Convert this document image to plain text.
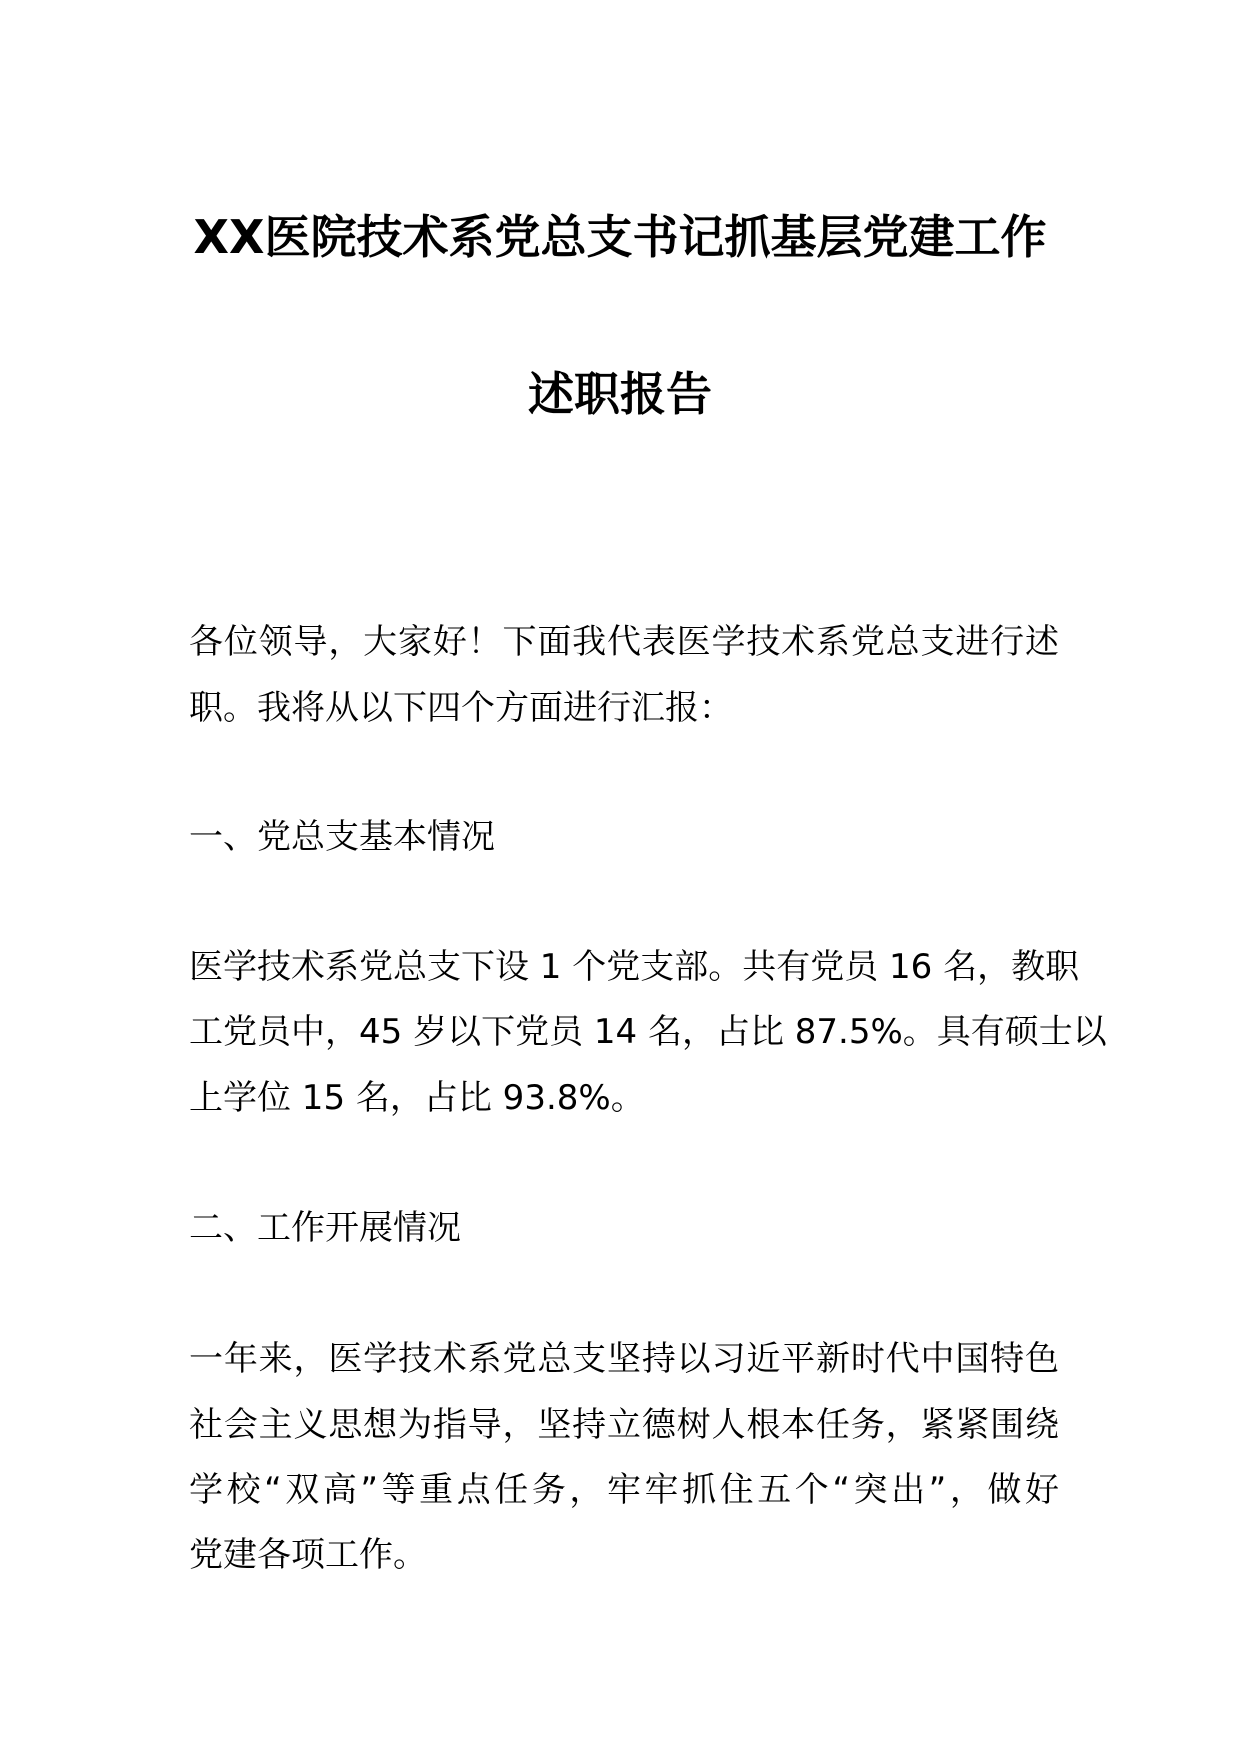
XX医院技术系党总支书记抓基层党建工作
述职报告
各位领导，大家好！下面我代表医学技术系党总支进行述
职。我将从以下四个方面进行汇报：
一、党总支基本情况
医学技术系党总支下设 1 个党支部。共有党员 16 名，教职
工党员中，45 岁以下党员 14 名，占比 87.5%。具有硕士以
上学位 15 名，占比 93.8%。
二、工作开展情况
一年来，医学技术系党总支坚持以习近平新时代中国特色
社会主义思想为指导，坚持立德树人根本任务，紧紧围绕
学校“双高”等重点任务，牢牢抓住五个“突出”，做好
党建各项工作。
